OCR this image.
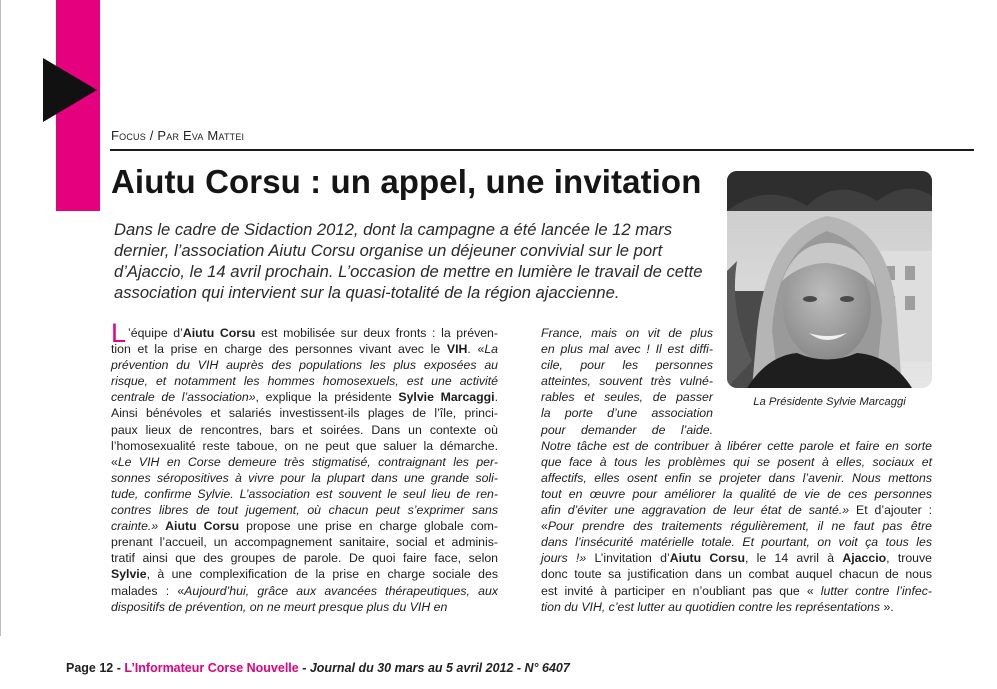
Focus / Par Eva Mattei
Aiutu Corsu : un appel, une invitation

Dans le cadre de Sidaction 2012, dont la campagne a été lancée le 12 mars dernier, l’association Aiutu Corsu organise un déjeuner convivial sur le port d’Ajaccio, le 14 avril prochain. L’occasion de mettre en lumière le travail de cette association qui intervient sur la quasi-totalité de la région ajaccienne.

La Présidente Sylvie Marcaggi
L ’équipe d’Aiutu Corsu est mobilisée sur deux fronts : la préven-
tion et la prise en charge des personnes vivant avec le VIH. «La
prévention du VIH auprès des populations les plus exposées au
risque, et notamment les hommes homosexuels, est une activité
centrale de l’association», explique la présidente Sylvie Marcaggi.
Ainsi bénévoles et salariés investissent-ils plages de l’île, princi-
paux lieux de rencontres, bars et soirées. Dans un contexte où
l’homosexualité reste taboue, on ne peut que saluer la démarche.
«Le VIH en Corse demeure très stigmatisé, contraignant les per-
sonnes séropositives à vivre pour la plupart dans une grande soli-
tude, confirme Sylvie. L’association est souvent le seul lieu de ren-
contres libres de tout jugement, où chacun peut s’exprimer sans
crainte.» Aiutu Corsu propose une prise en charge globale com-
prenant l’accueil, un accompagnement sanitaire, social et adminis-
tratif ainsi que des groupes de parole. De quoi faire face, selon
Sylvie, à une complexification de la prise en charge sociale des
malades : «Aujourd’hui, grâce aux avancées thérapeutiques, aux
dispositifs de prévention, on ne meurt presque plus du VIH en
France, mais on vit de plus
en plus mal avec ! Il est diffi-
cile, pour les personnes
atteintes, souvent très vulné-
rables et seules, de passer
la porte d’une association
pour demander de l’aide.
Notre tâche est de contribuer à libérer cette parole et faire en sorte
que face à tous les problèmes qui se posent à elles, sociaux et
affectifs, elles osent enfin se projeter dans l’avenir. Nous mettons
tout en œuvre pour améliorer la qualité de vie de ces personnes
afin d’éviter une aggravation de leur état de santé.» Et d’ajouter :
«Pour prendre des traitements régulièrement, il ne faut pas être
dans l’insécurité matérielle totale. Et pourtant, on voit ça tous les
jours !» L’invitation d’Aiutu Corsu, le 14 avril à Ajaccio, trouve
donc toute sa justification dans un combat auquel chacun de nous
est invité à participer en n’oubliant pas que « lutter contre l’infec-
tion du VIH, c’est lutter au quotidien contre les représentations ».
Page 12 - L’Informateur Corse Nouvelle - Journal du 30 mars au 5 avril 2012 - N° 6407
